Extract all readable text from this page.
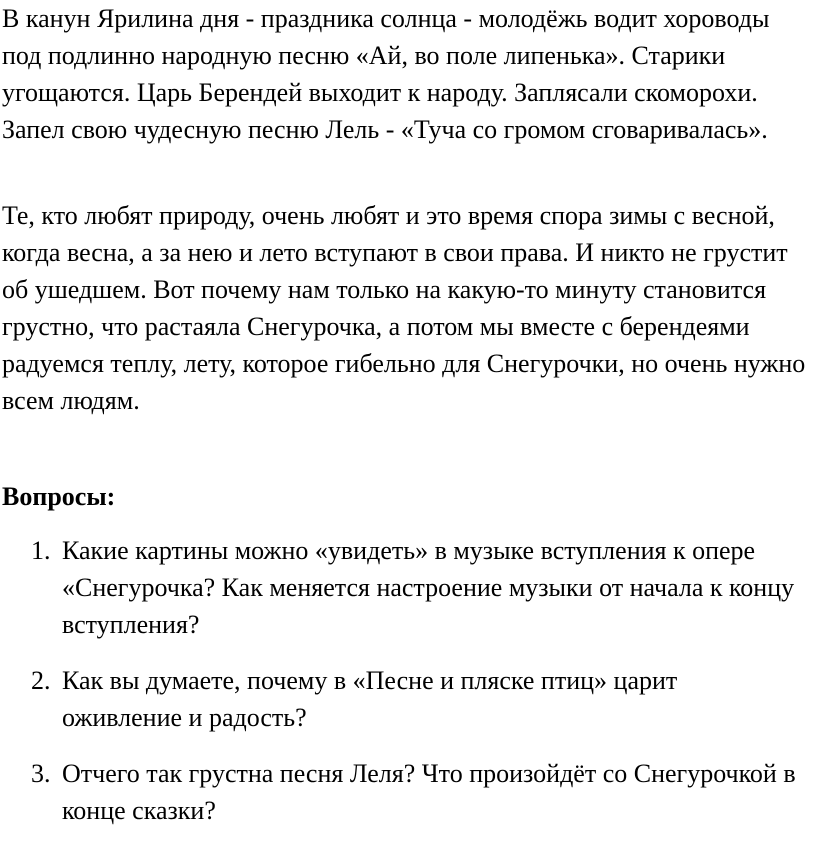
В канун Ярилина дня - праздника солнца - молодёжь водит хороводы под подлинно народную песню «Ай, во поле липенька». Старики угощаются. Царь Берендей выходит к народу. Заплясали скоморохи. Запел свою чудесную песню Лель - «Туча со громом сговаривалась».

Те, кто любят природу, очень любят и это время спора зимы с весной, когда весна, а за нею и лето вступают в свои права. И никто не грустит об ушедшем. Вот почему нам только на какую-то минуту становится грустно, что растаяла Снегурочка, а потом мы вместе с берендеями радуемся теплу, лету, которое гибельно для Снегурочки, но очень нужно всем людям.

Вопросы:

1. Какие картины можно «увидеть» в музыке вступления к опере «Снегурочка? Как меняется настроение музыки от начала к концу вступления?
2. Как вы думаете, почему в «Песне и пляске птиц» царит оживление и радость?
3. Отчего так грустна песня Леля? Что произойдёт со Снегурочкой в конце сказки?
